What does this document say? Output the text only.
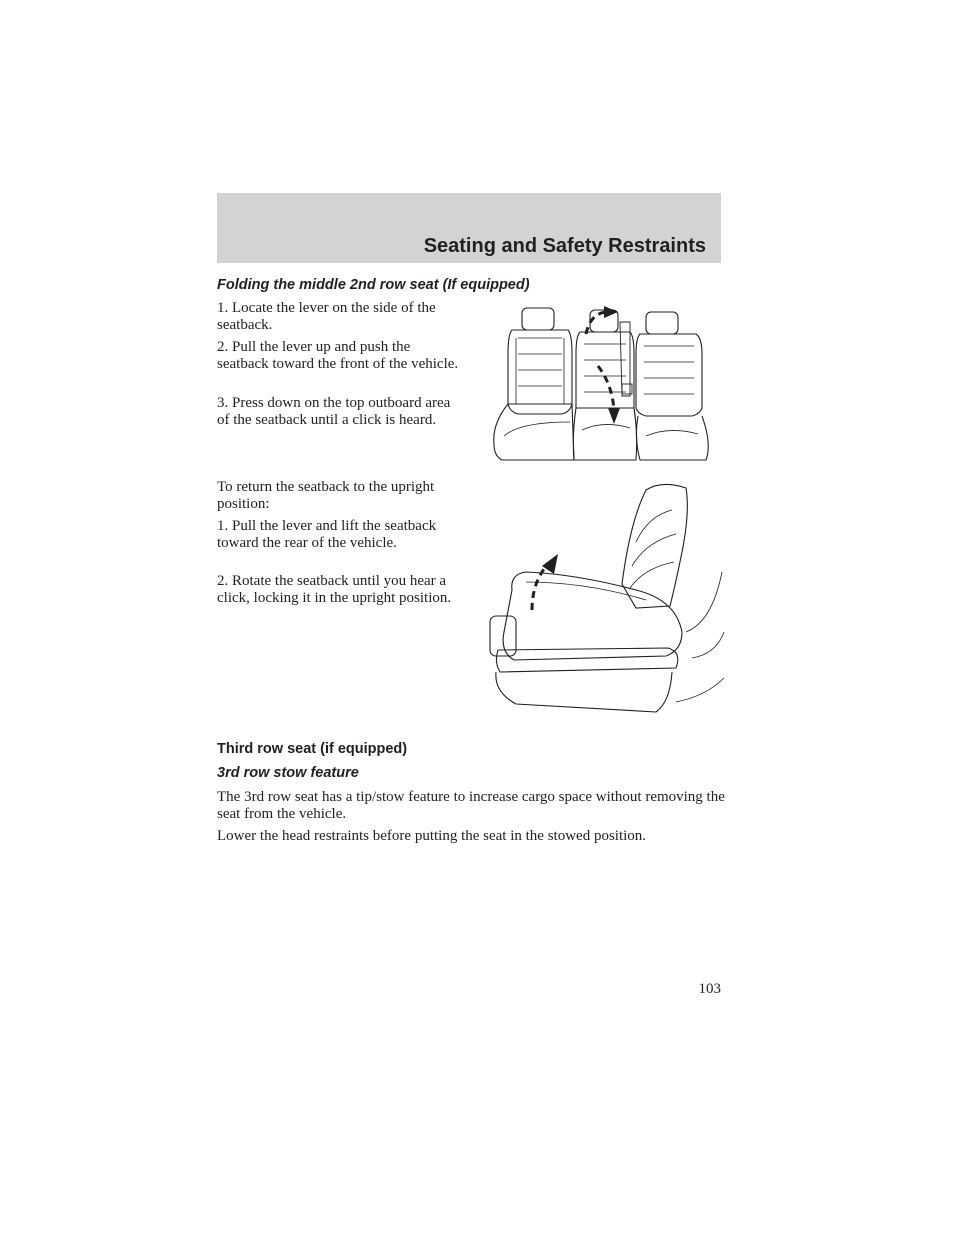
Seating and Safety Restraints
Folding the middle 2nd row seat (If equipped)

1. Locate the lever on the side of the seatback.

2. Pull the lever up and push the seatback toward the front of the vehicle.

3. Press down on the top outboard area of the seatback until a click is heard.

To return the seatback to the upright position:

1. Pull the lever and lift the seatback toward the rear of the vehicle.

2. Rotate the seatback until you hear a click, locking it in the upright position.

Third row seat (if equipped)
3rd row stow feature

The 3rd row seat has a tip/stow feature to increase cargo space without removing the seat from the vehicle.

Lower the head restraints before putting the seat in the stowed position.

103
